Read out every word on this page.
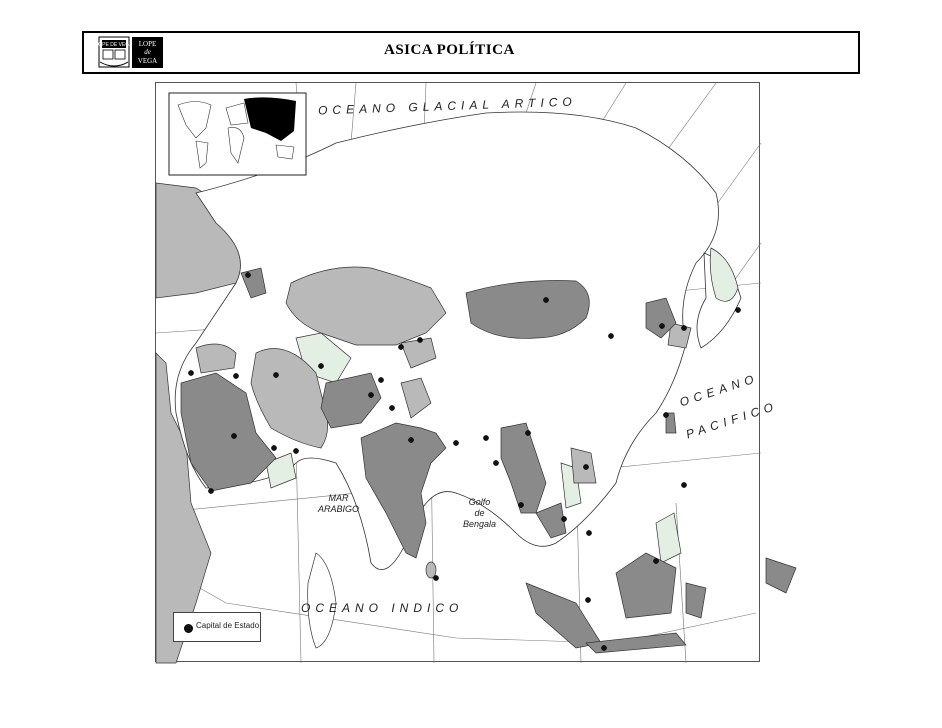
LOPE DE VEGA LOPE
de
VEGA
ASICA POLÍTICA
OCEANO GLACIAL ARTICO
OCEANO
PACIFICO
OCEANO INDICO
MAR
ARABIGO
Golfo
de
Bengala
Capital de Estado
